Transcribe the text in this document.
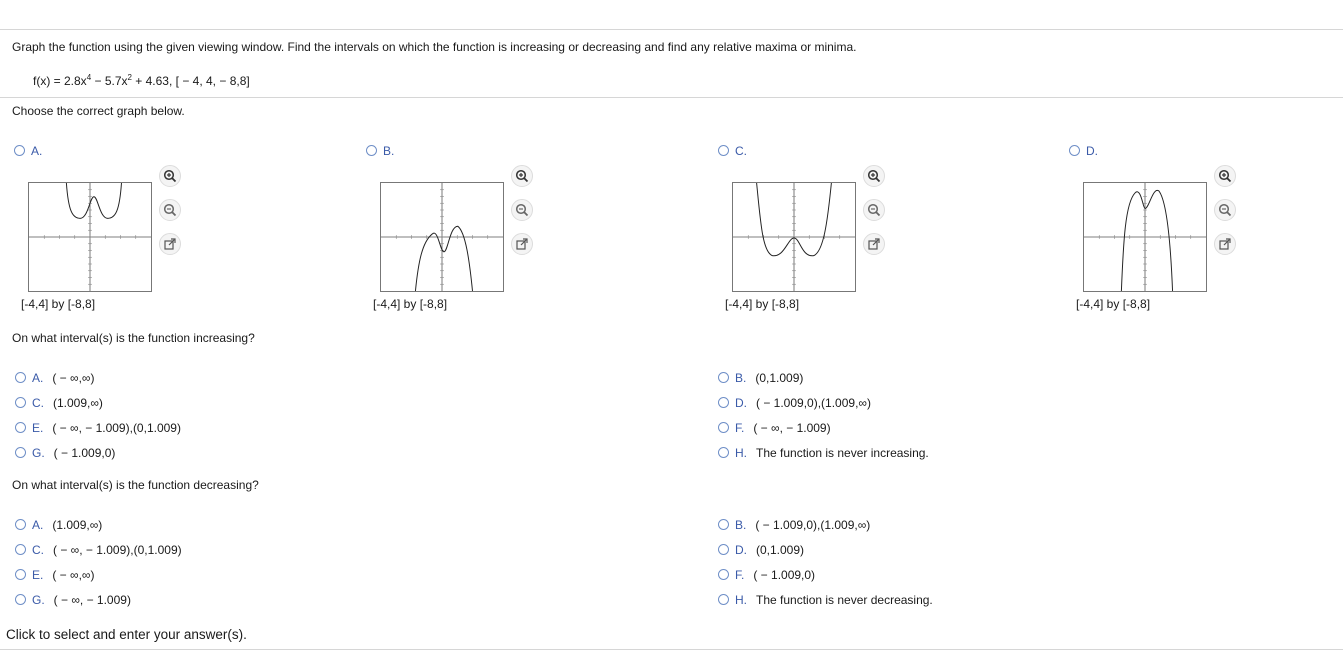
Graph the function using the given viewing window. Find the intervals on which the function is increasing or decreasing and find any relative maxima or minima.
$f(x) = 2.8x^4 - 5.7x^2 + 4.63$, [ − 4, 4, − 8,8]
Choose the correct graph below.
A.
[-4,4] by [-8,8]
B.
[-4,4] by [-8,8]
C.
[-4,4] by [-8,8]
D.
[-4,4] by [-8,8]
On what interval(s) is the function increasing?
A. ( − ∞,∞)	B. (0,1.009)
C. (1.009,∞)	D. ( − 1.009,0),(1.009,∞)
E. ( − ∞, − 1.009),(0,1.009)	F. ( − ∞, − 1.009)
G. ( − 1.009,0)	H. The function is never increasing.
On what interval(s) is the function decreasing?
A. (1.009,∞)	B. ( − 1.009,0),(1.009,∞)
C. ( − ∞, − 1.009),(0,1.009)	D. (0,1.009)
E. ( − ∞,∞)	F. ( − 1.009,0)
G. ( − ∞, − 1.009)	H. The function is never decreasing.
Click to select and enter your answer(s).
